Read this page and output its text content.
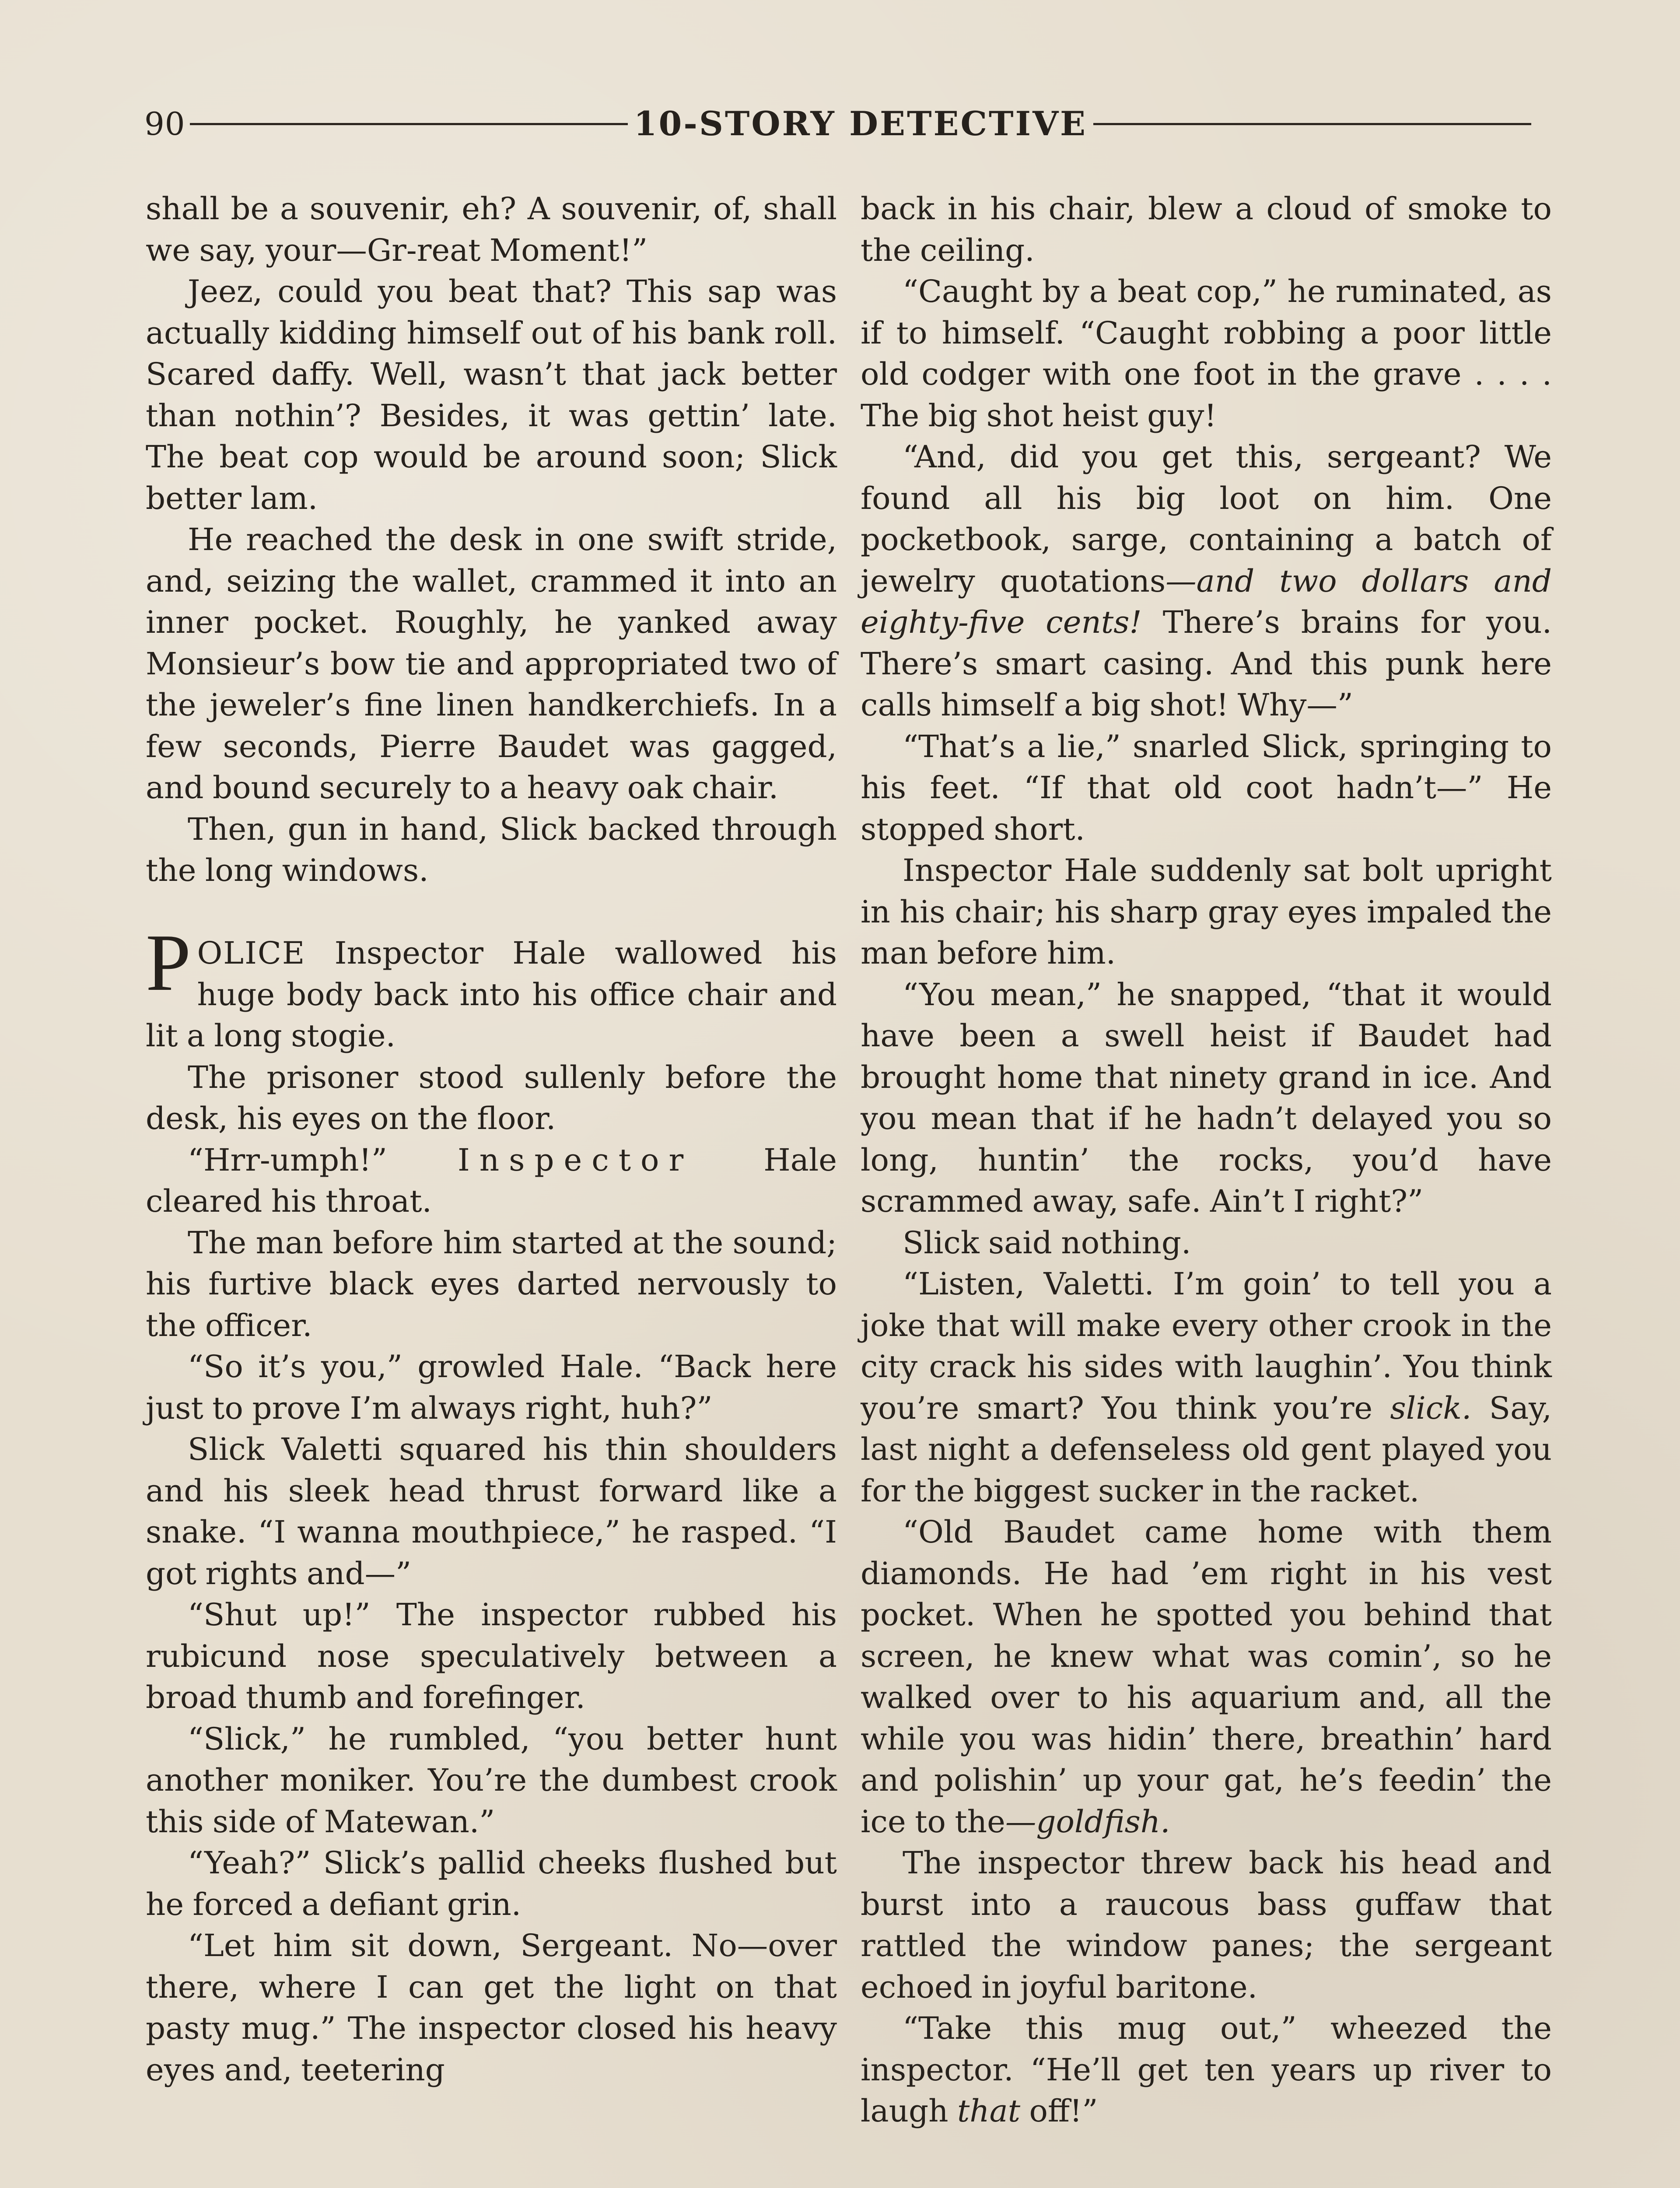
90	10-STORY DETECTIVE

shall be a souvenir, eh? A souvenir, of, shall we say, your—Gr-reat Moment!”

Jeez, could you beat that? This sap was actually kidding himself out of his bank roll. Scared daffy. Well, wasn’t that jack better than nothin’? Besides, it was gettin’ late. The beat cop would be around soon; Slick better lam.

He reached the desk in one swift stride, and, seizing the wallet, crammed it into an inner pocket. Roughly, he yanked away Monsieur’s bow tie and appropriated two of the jeweler’s fine linen handkerchiefs. In a few seconds, Pierre Baudet was gagged, and bound securely to a heavy oak chair.

Then, gun in hand, Slick backed through the long windows.

POLICE Inspector Hale wallowed his huge body back into his office chair and lit a long stogie.

The prisoner stood sullenly before the desk, his eyes on the floor.

“Hrr-umph!” Inspector Hale cleared his throat.

The man before him started at the sound; his furtive black eyes darted nervously to the officer.

“So it’s you,” growled Hale. “Back here just to prove I’m always right, huh?”

Slick Valetti squared his thin shoulders and his sleek head thrust forward like a snake. “I wanna mouthpiece,” he rasped. “I got rights and—”

“Shut up!” The inspector rubbed his rubicund nose speculatively between a broad thumb and forefinger.

“Slick,” he rumbled, “you better hunt another moniker. You’re the dumbest crook this side of Matewan.”

“Yeah?” Slick’s pallid cheeks flushed but he forced a defiant grin.

“Let him sit down, Sergeant. No—over there, where I can get the light on that pasty mug.” The inspector closed his heavy eyes and, teetering

back in his chair, blew a cloud of smoke to the ceiling.

“Caught by a beat cop,” he ruminated, as if to himself. “Caught robbing a poor little old codger with one foot in the grave . . . . The big shot heist guy!

“And, did you get this, sergeant? We found all his big loot on him. One pocketbook, sarge, containing a batch of jewelry quotations—and two dollars and eighty-five cents! There’s brains for you. There’s smart casing. And this punk here calls himself a big shot! Why—”

“That’s a lie,” snarled Slick, springing to his feet. “If that old coot hadn’t—” He stopped short.

Inspector Hale suddenly sat bolt upright in his chair; his sharp gray eyes impaled the man before him.

“You mean,” he snapped, “that it would have been a swell heist if Baudet had brought home that ninety grand in ice. And you mean that if he hadn’t delayed you so long, huntin’ the rocks, you’d have scrammed away, safe. Ain’t I right?”

Slick said nothing.

“Listen, Valetti. I’m goin’ to tell you a joke that will make every other crook in the city crack his sides with laughin’. You think you’re smart? You think you’re slick. Say, last night a defenseless old gent played you for the biggest sucker in the racket.

“Old Baudet came home with them diamonds. He had ’em right in his vest pocket. When he spotted you behind that screen, he knew what was comin’, so he walked over to his aquarium and, all the while you was hidin’ there, breathin’ hard and polishin’ up your gat, he’s feedin’ the ice to the—goldfish.

The inspector threw back his head and burst into a raucous bass guffaw that rattled the window panes; the sergeant echoed in joyful baritone.

“Take this mug out,” wheezed the inspector. “He’ll get ten years up river to laugh that off!”
